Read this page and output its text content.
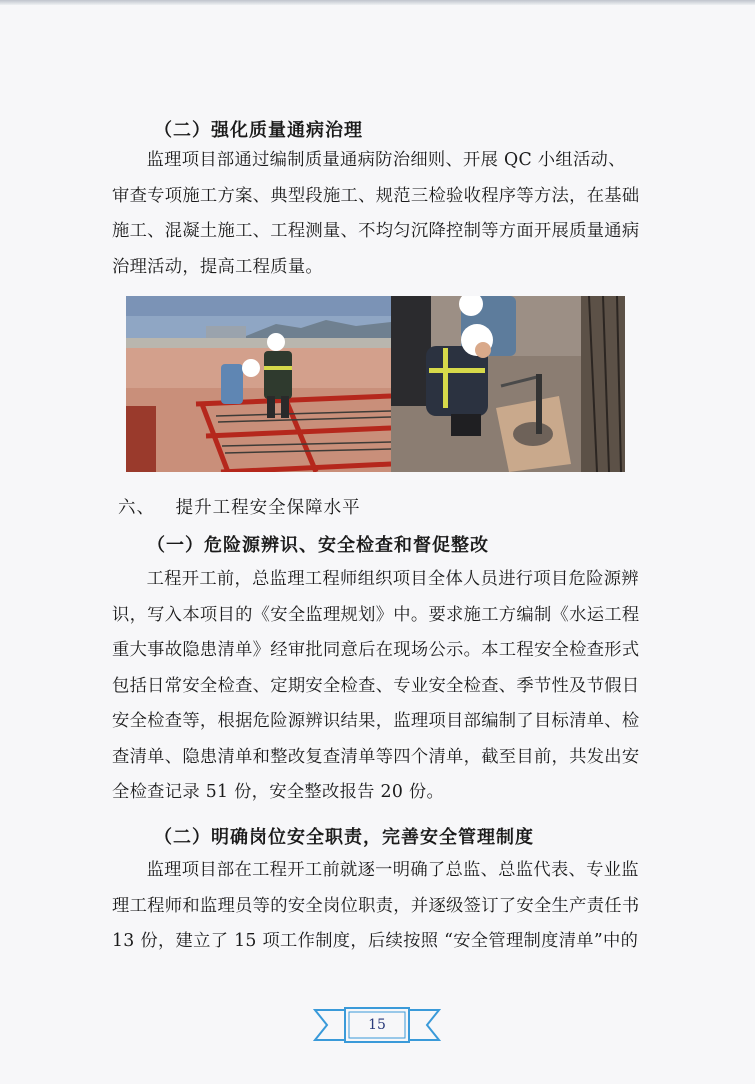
（二）强化质量通病治理
监理项目部通过编制质量通病防治细则、开展 QC 小组活动、审查专项施工方案、典型段施工、规范三检验收程序等方法，在基础施工、混凝土施工、工程测量、不均匀沉降控制等方面开展质量通病治理活动，提高工程质量。
六、 提升工程安全保障水平
（一）危险源辨识、安全检查和督促整改
工程开工前，总监理工程师组织项目全体人员进行项目危险源辨识，写入本项目的《安全监理规划》中。要求施工方编制《水运工程重大事故隐患清单》经审批同意后在现场公示。本工程安全检查形式包括日常安全检查、定期安全检查、专业安全检查、季节性及节假日安全检查等，根据危险源辨识结果，监理项目部编制了目标清单、检查清单、隐患清单和整改复查清单等四个清单，截至目前，共发出安全检查记录 51 份，安全整改报告 20 份。
（二）明确岗位安全职责，完善安全管理制度
监理项目部在工程开工前就逐一明确了总监、总监代表、专业监理工程师和监理员等的安全岗位职责，并逐级签订了安全生产责任书 13 份，建立了 15 项工作制度，后续按照 “安全管理制度清单”中的
15
